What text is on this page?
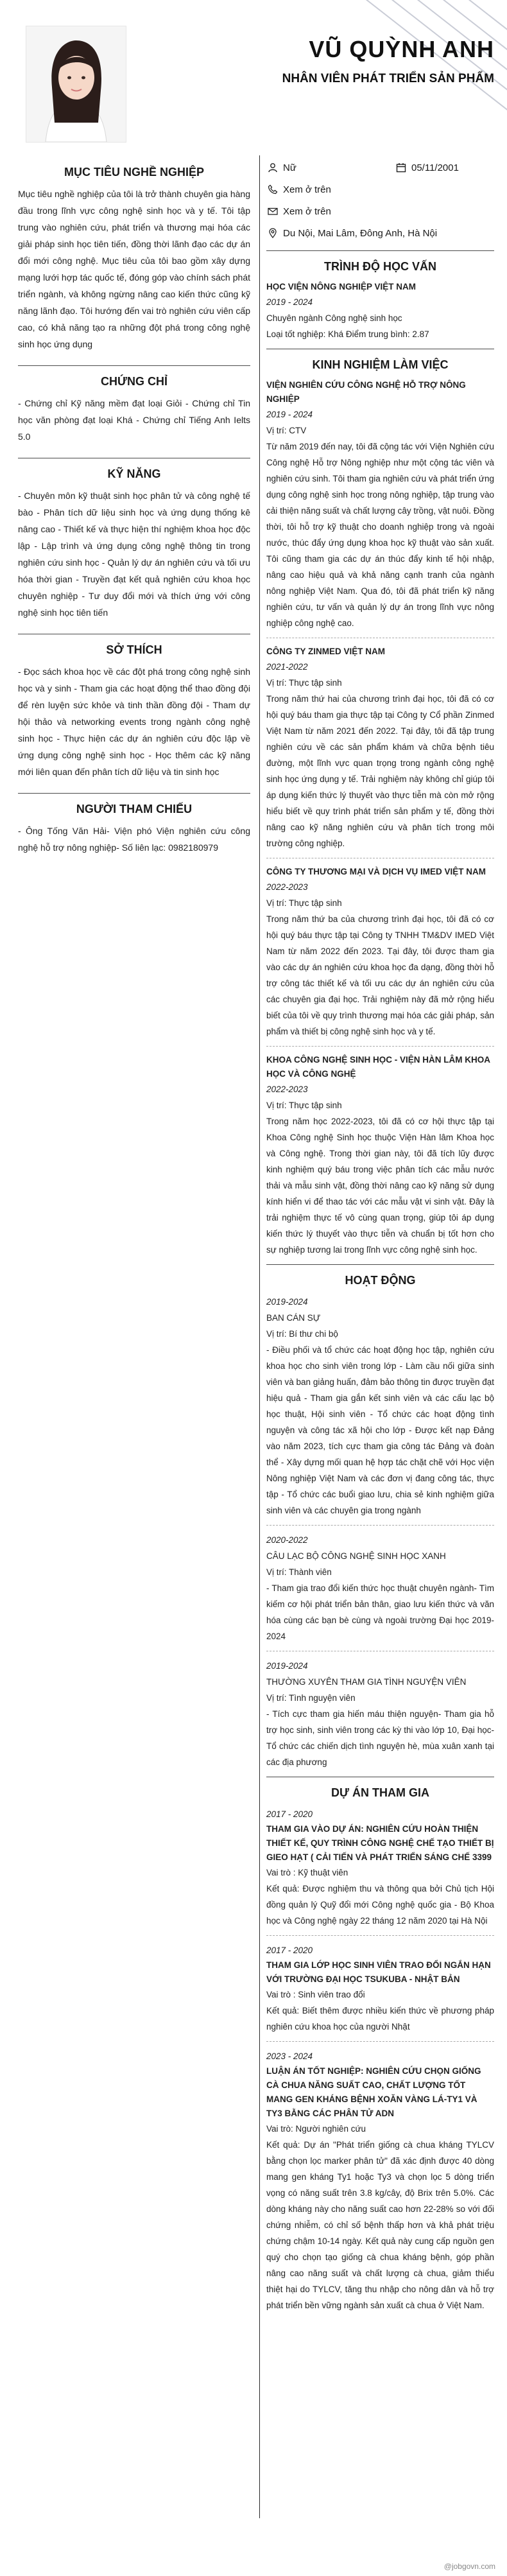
VŨ QUỲNH ANH
NHÂN VIÊN PHÁT TRIỂN SẢN PHẨM
MỤC TIÊU NGHỀ NGHIỆP
Mục tiêu nghề nghiệp của tôi là trở thành chuyên gia hàng đầu trong lĩnh vực công nghệ sinh học và y tế. Tôi tập trung vào nghiên cứu, phát triển và thương mại hóa các giải pháp sinh học tiên tiến, đồng thời lãnh đạo các dự án đổi mới công nghệ. Mục tiêu của tôi bao gồm xây dựng mạng lưới hợp tác quốc tế, đóng góp vào chính sách phát triển ngành, và không ngừng nâng cao kiến thức cũng kỹ năng lãnh đạo. Tôi hướng đến vai trò nghiên cứu viên cấp cao, có khả năng tạo ra những đột phá trong công nghệ sinh học ứng dụng
CHỨNG CHỈ
- Chứng chỉ Kỹ năng mềm đạt loại Giỏi - Chứng chỉ Tin học văn phòng đạt loại Khá - Chứng chỉ Tiếng Anh Ielts 5.0
KỸ NĂNG
- Chuyên môn kỹ thuật sinh học phân tử và công nghệ tế bào - Phân tích dữ liệu sinh học và ứng dụng thống kê nâng cao - Thiết kế và thực hiện thí nghiệm khoa học độc lập - Lập trình và ứng dụng công nghệ thông tin trong nghiên cứu sinh học - Quản lý dự án nghiên cứu và tối ưu hóa thời gian - Truyền đạt kết quả nghiên cứu khoa học chuyên nghiệp - Tư duy đổi mới và thích ứng với công nghệ sinh học tiên tiến
SỞ THÍCH
- Đọc sách khoa học về các đột phá trong công nghệ sinh học và y sinh - Tham gia các hoạt động thể thao đồng đội để rèn luyện sức khỏe và tinh thần đồng đội - Tham dự hội thảo và networking events trong ngành công nghệ sinh học - Thực hiện các dự án nghiên cứu độc lập về ứng dụng công nghệ sinh học - Học thêm các kỹ năng mới liên quan đến phân tích dữ liệu và tin sinh học
NGƯỜI THAM CHIẾU
- Ông Tống Văn Hải- Viện phó Viện nghiên cứu công nghệ hỗ trợ nông nghiệp- Số liên lạc: 0982180979
Nữ	05/11/2001
Xem ở trên
Xem ở trên
Du Nội, Mai Lâm, Đông Anh, Hà Nội
TRÌNH ĐỘ HỌC VẤN
HỌC VIỆN NÔNG NGHIỆP VIỆT NAM
2019 - 2024
Chuyên ngành Công nghệ sinh học
Loại tốt nghiệp: Khá Điểm trung bình: 2.87
KINH NGHIỆM LÀM VIỆC
VIỆN NGHIÊN CỨU CÔNG NGHỆ HỖ TRỢ NÔNG NGHIỆP
2019 - 2024
Vị trí: CTV
Từ năm 2019 đến nay, tôi đã cộng tác với Viện Nghiên cứu Công nghệ Hỗ trợ Nông nghiệp như một cộng tác viên và nghiên cứu sinh. Tôi tham gia nghiên cứu và phát triển ứng dụng công nghệ sinh học trong nông nghiệp, tập trung vào cải thiện năng suất và chất lượng cây trồng, vật nuôi. Đồng thời, tôi hỗ trợ kỹ thuật cho doanh nghiệp trong và ngoài nước, thúc đẩy ứng dụng khoa học kỹ thuật vào sản xuất. Tôi cũng tham gia các dự án thúc đẩy kinh tế hội nhập, nâng cao hiệu quả và khả năng cạnh tranh của ngành nông nghiệp Việt Nam. Qua đó, tôi đã phát triển kỹ năng nghiên cứu, tư vấn và quản lý dự án trong lĩnh vực nông nghiệp công nghệ cao.
CÔNG TY ZINMED VIỆT NAM
2021-2022
Vị trí: Thực tập sinh
Trong năm thứ hai của chương trình đại học, tôi đã có cơ hội quý báu tham gia thực tập tại Công ty Cổ phần Zinmed Việt Nam từ năm 2021 đến 2022. Tại đây, tôi đã tập trung nghiên cứu về các sản phẩm khám và chữa bệnh tiêu đường, một lĩnh vực quan trọng trong ngành công nghệ sinh học ứng dụng y tế. Trải nghiệm này không chỉ giúp tôi áp dụng kiến thức lý thuyết vào thực tiễn mà còn mở rộng hiểu biết về quy trình phát triển sản phẩm y tế, đồng thời nâng cao kỹ năng nghiên cứu và phân tích trong môi trường công nghiệp.
CÔNG TY THƯƠNG MẠI VÀ DỊCH VỤ IMED VIỆT NAM
2022-2023
Vị trí: Thực tập sinh
Trong năm thứ ba của chương trình đại học, tôi đã có cơ hội quý báu thực tập tại Công ty TNHH TM&DV IMED Việt Nam từ năm 2022 đến 2023. Tại đây, tôi được tham gia vào các dự án nghiên cứu khoa học đa dạng, đồng thời hỗ trợ công tác thiết kế và tối ưu các dự án nghiên cứu của các chuyên gia đại học. Trải nghiệm này đã mở rộng hiểu biết của tôi về quy trình thương mại hóa các giải pháp, sản phẩm và thiết bị công nghệ sinh học và y tế.
KHOA CÔNG NGHỆ SINH HỌC - VIỆN HÀN LÂM KHOA HỌC VÀ CÔNG NGHỆ
2022-2023
Vị trí: Thực tập sinh
Trong năm học 2022-2023, tôi đã có cơ hội thực tập tại Khoa Công nghệ Sinh học thuộc Viện Hàn lâm Khoa học và Công nghệ. Trong thời gian này, tôi đã tích lũy được kinh nghiệm quý báu trong việc phân tích các mẫu nước thải và mẫu sinh vật, đồng thời nâng cao kỹ năng sử dụng kính hiển vi để thao tác với các mẫu vật vi sinh vật. Đây là trải nghiệm thực tế vô cùng quan trọng, giúp tôi áp dụng kiến thức lý thuyết vào thực tiễn và chuẩn bị tốt hơn cho sự nghiệp tương lai trong lĩnh vực công nghệ sinh học.
HOẠT ĐỘNG
2019-2024
BAN CÁN SỰ
Vị trí: Bí thư chi bộ
- Điều phối và tổ chức các hoạt động học tập, nghiên cứu khoa học cho sinh viên trong lớp - Làm cầu nối giữa sinh viên và ban giảng huấn, đảm bảo thông tin được truyền đạt hiệu quả - Tham gia gắn kết sinh viên và các cấu lạc bộ học thuật, Hội sinh viên - Tổ chức các hoạt động tình nguyện và công tác xã hội cho lớp - Được kết nạp Đảng vào năm 2023, tích cực tham gia công tác Đảng và đoàn thể - Xây dựng mối quan hệ hợp tác chặt chẽ với Học viện Nông nghiệp Việt Nam và các đơn vị đang công tác, thực tập - Tổ chức các buổi giao lưu, chia sẻ kinh nghiệm giữa sinh viên và các chuyên gia trong ngành
2020-2022
CÂU LẠC BỘ CÔNG NGHỆ SINH HỌC XANH
Vị trí: Thành viên
- Tham gia trao đổi kiến thức học thuật chuyên ngành- Tìm kiếm cơ hội phát triển bản thân, giao lưu kiến thức và văn hóa cùng các bạn bè cùng và ngoài trường Đại học 2019-2024
2019-2024
THƯỜNG XUYÊN THAM GIA TÌNH NGUYỆN VIÊN
Vị trí: Tình nguyện viên
- Tích cực tham gia hiến máu thiện nguyện- Tham gia hỗ trợ học sinh, sinh viên trong các kỳ thi vào lớp 10, Đại học- Tổ chức các chiến dịch tình nguyện hè, mùa xuân xanh tại các địa phương
DỰ ÁN THAM GIA
2017 - 2020
THAM GIA VÀO DỰ ÁN: NGHIÊN CỨU HOÀN THIỆN THIẾT KẾ, QUY TRÌNH CÔNG NGHỆ CHẾ TẠO THIẾT BỊ GIEO HẠT ( CẢI TIẾN VÀ PHÁT TRIỂN SÁNG CHẾ 3399
Vai trò : Kỹ thuật viên
Kết quả: Được nghiệm thu và thông qua bởi Chủ tịch Hội đồng quản lý Quỹ đổi mới Công nghệ quốc gia - Bộ Khoa học và Công nghệ ngày 22 tháng 12 năm 2020 tại Hà Nội
2017 - 2020
THAM GIA LỚP HỌC SINH VIÊN TRAO ĐỔI NGẮN HẠN VỚI TRƯỜNG ĐẠI HỌC TSUKUBA - NHẬT BẢN
Vai trò : Sinh viên trao đổi
Kết quả: Biết thêm được nhiều kiến thức về phương pháp nghiên cứu khoa học của người Nhật
2023 - 2024
LUẬN ÁN TỐT NGHIỆP: NGHIÊN CỨU CHỌN GIỐNG CÀ CHUA NĂNG SUẤT CAO, CHẤT LƯỢNG TỐT MANG GEN KHÁNG BỆNH XOĂN VÀNG LÁ-TY1 VÀ TY3 BẰNG CÁC PHÂN TỬ ADN
Vai trò: Người nghiên cứu
Kết quả: Dự án "Phát triển giống cà chua kháng TYLCV bằng chọn lọc marker phân tử" đã xác định được 40 dòng mang gen kháng Ty1 hoặc Ty3 và chọn lọc 5 dòng triển vọng có năng suất trên 3.8 kg/cây, độ Brix trên 5.0%. Các dòng kháng này cho năng suất cao hơn 22-28% so với đối chứng nhiễm, có chỉ số bệnh thấp hơn và khả phát triệu chứng chậm 10-14 ngày. Kết quả này cung cấp nguồn gen quý cho chọn tạo giống cà chua kháng bệnh, góp phần nâng cao năng suất và chất lượng cà chua, giảm thiểu thiệt hại do TYLCV, tăng thu nhập cho nông dân và hỗ trợ phát triển bền vững ngành sản xuất cà chua ở Việt Nam.
@jobgovn.com
